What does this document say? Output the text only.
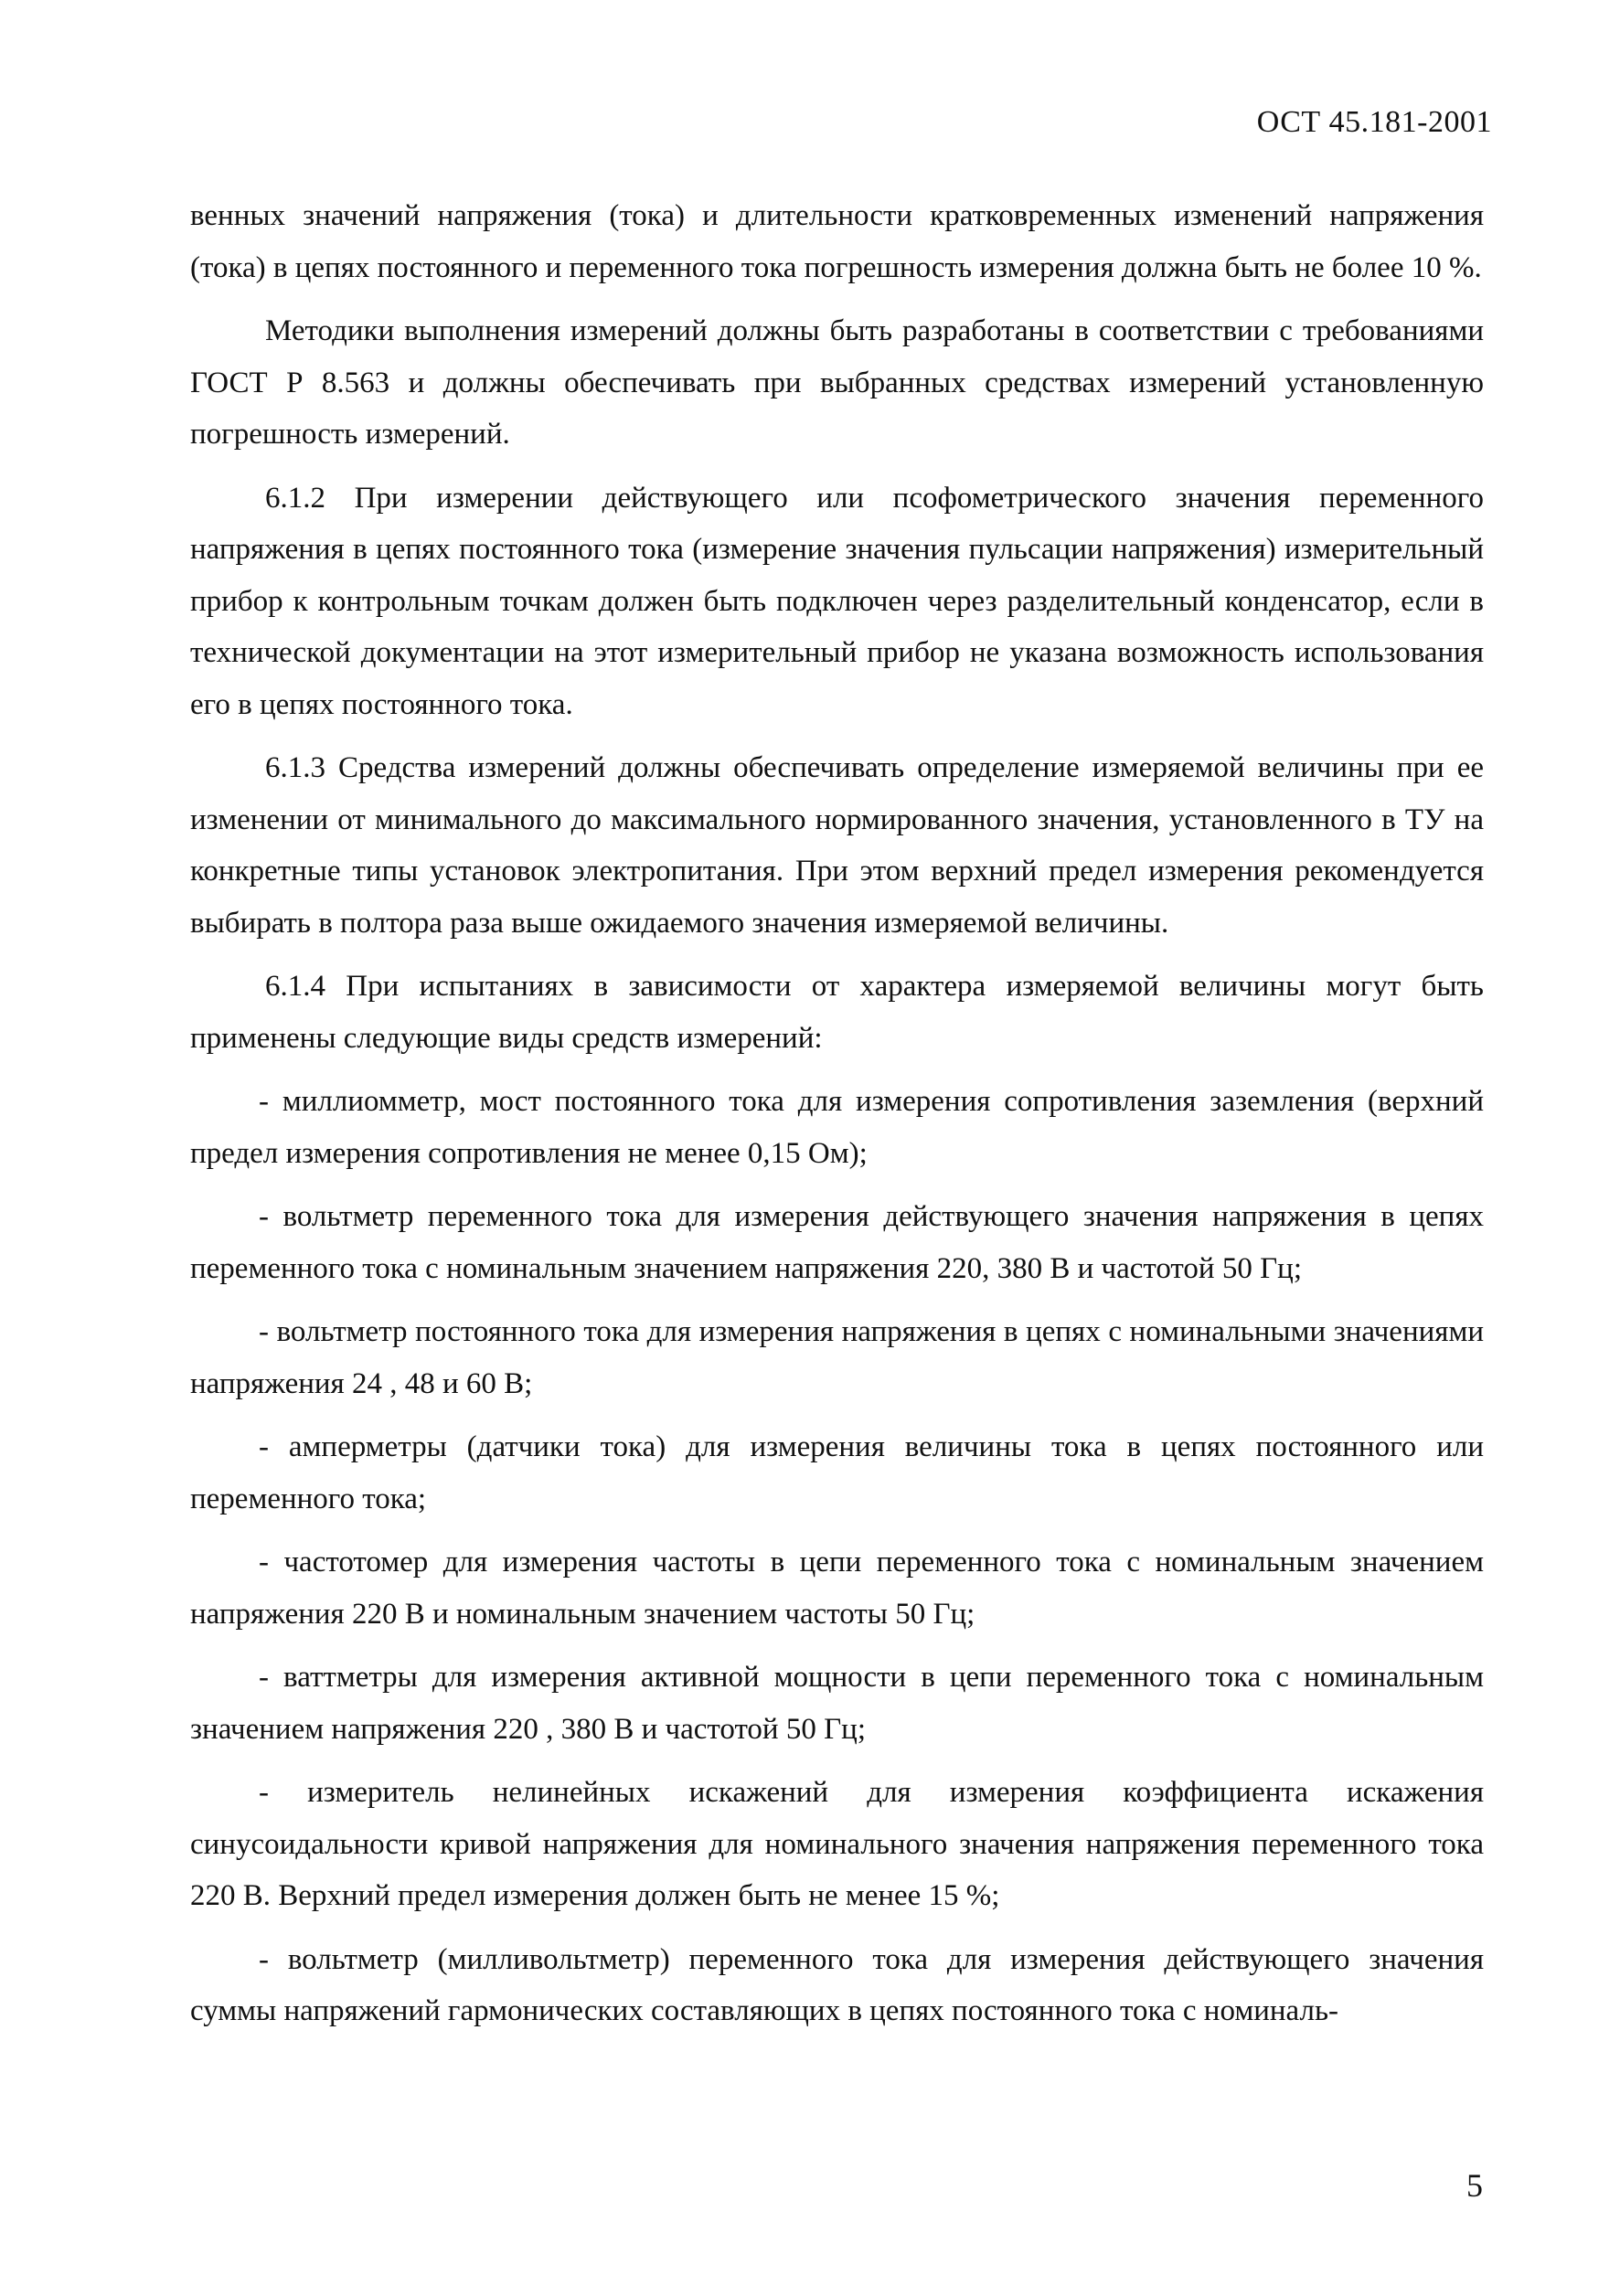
ОСТ 45.181-2001

венных значений напряжения (тока) и длительности кратковременных изменений напряжения (тока) в цепях постоянного и переменного тока погрешность измерения должна быть не более 10 %.

Методики выполнения измерений должны быть разработаны в соответствии с требованиями ГОСТ Р 8.563 и должны обеспечивать при выбранных средствах измерений установленную погрешность измерений.

6.1.2 При измерении действующего или псофометрического значения переменного напряжения в цепях постоянного тока (измерение значения пульсации напряжения) измерительный прибор к контрольным точкам должен быть подключен через разделительный конденсатор, если в технической документации на этот измерительный прибор не указана возможность использования его в цепях постоянного тока.

6.1.3 Средства измерений должны обеспечивать определение измеряемой величины при ее изменении от минимального до максимального нормированного значения, установленного в ТУ на конкретные типы установок электропитания. При этом верхний предел измерения рекомендуется выбирать в полтора раза выше ожидаемого значения измеряемой величины.

6.1.4 При испытаниях в зависимости от характера измеряемой величины могут быть применены следующие виды средств измерений:

- миллиомметр, мост постоянного тока для измерения сопротивления заземления (верхний предел измерения сопротивления не менее 0,15 Ом);

- вольтметр переменного тока для измерения действующего значения напряжения в цепях переменного тока с номинальным значением напряжения 220, 380 В и частотой 50 Гц;

- вольтметр постоянного тока для измерения напряжения в цепях с номинальными значениями напряжения 24 , 48 и 60 В;

- амперметры (датчики тока) для измерения величины тока в цепях постоянного или переменного тока;

- частотомер для измерения частоты в цепи переменного тока с номинальным значением напряжения 220 В и номинальным значением частоты 50 Гц;

- ваттметры для измерения активной мощности в цепи переменного тока с номинальным значением напряжения 220 , 380 В и частотой 50 Гц;

- измеритель нелинейных искажений для измерения коэффициента искажения синусоидальности кривой напряжения для номинального значения напряжения переменного тока 220 В. Верхний предел измерения должен быть не менее 15 %;

- вольтметр (милливольтметр) переменного тока для измерения действующего значения суммы напряжений гармонических составляющих в цепях постоянного тока с номиналь-

5
